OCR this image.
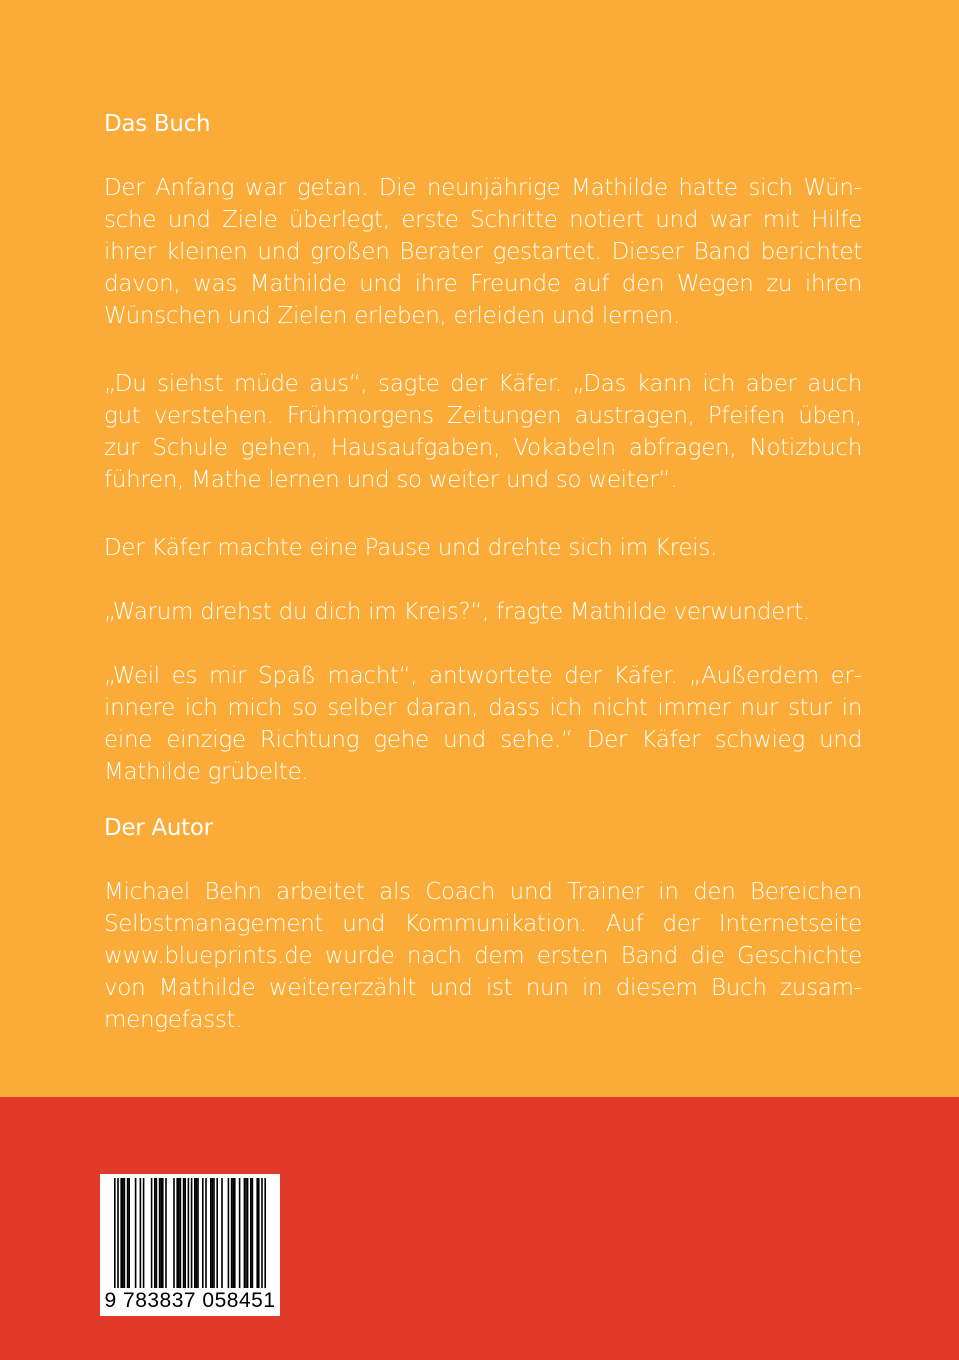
Das Buch

Der Anfang war getan. Die neunjährige Mathilde hatte sich Wünsche und Ziele überlegt, erste Schritte notiert und war mit Hilfe ihrer kleinen und großen Berater gestartet. Dieser Band berichtet davon, was Mathilde und ihre Freunde auf den Wegen zu ihren Wünschen und Zielen erleben, erleiden und lernen.

„Du siehst müde aus“, sagte der Käfer. „Das kann ich aber auch gut verstehen. Frühmorgens Zeitungen austragen, Pfeifen üben, zur Schule gehen, Hausaufgaben, Vokabeln abfragen, Notizbuch führen, Mathe lernen und so weiter und so weiter“.

Der Käfer machte eine Pause und drehte sich im Kreis.

„Warum drehst du dich im Kreis?“, fragte Mathilde verwundert.

„Weil es mir Spaß macht“, antwortete der Käfer. „Außerdem erinnere ich mich so selber daran, dass ich nicht immer nur stur in eine einzige Richtung gehe und sehe.“ Der Käfer schwieg und Mathilde grübelte.

Der Autor

Michael Behn arbeitet als Coach und Trainer in den Bereichen Selbstmanagement und Kommunikation. Auf der Internetseite www.blueprints.de wurde nach dem ersten Band die Geschichte von Mathilde weitererzählt und ist nun in diesem Buch zusammengefasst.

9 783837 058451
